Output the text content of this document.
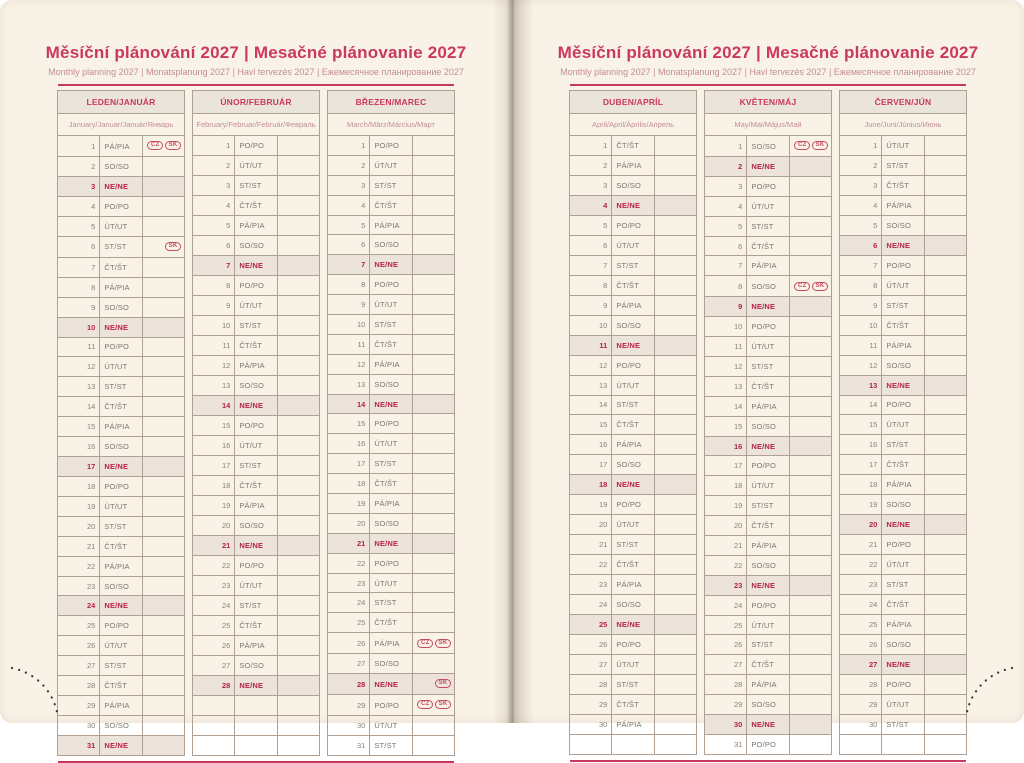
Měsíční plánování 2027 | Mesačné plánovanie 2027
Monthly planning 2027 | Monatsplanung 2027 | Havi tervezés 2027 | Ежемесячное планирование 2027
LEDEN/JANUÁR		
January/Januar/Január/Январь		
1	PÁ/PIA	CZ SK
2	SO/SO	
3	NE/NE	
4	PO/PO	
5	ÚT/UT	
6	ST/ST	SK
7	ČT/ŠT	
8	PÁ/PIA	
9	SO/SO	
10	NE/NE	
11	PO/PO	
12	ÚT/UT	
13	ST/ST	
14	ČT/ŠT	
15	PÁ/PIA	
16	SO/SO	
17	NE/NE	
18	PO/PO	
19	ÚT/UT	
20	ST/ST	
21	ČT/ŠT	
22	PÁ/PIA	
23	SO/SO	
24	NE/NE	
25	PO/PO	
26	ÚT/UT	
27	ST/ST	
28	ČT/ŠT	
29	PÁ/PIA	
30	SO/SO	
31	NE/NE	
ÚNOR/FEBRUÁR		
February/Februar/Február/Февраль		
1	PO/PO	
2	ÚT/UT	
3	ST/ST	
4	ČT/ŠT	
5	PÁ/PIA	
6	SO/SO	
7	NE/NE	
8	PO/PO	
9	ÚT/UT	
10	ST/ST	
11	ČT/ŠT	
12	PÁ/PIA	
13	SO/SO	
14	NE/NE	
15	PO/PO	
16	ÚT/UT	
17	ST/ST	
18	ČT/ŠT	
19	PÁ/PIA	
20	SO/SO	
21	NE/NE	
22	PO/PO	
23	ÚT/UT	
24	ST/ST	
25	ČT/ŠT	
26	PÁ/PIA	
27	SO/SO	
28	NE/NE	

BŘEZEN/MAREC		
March/März/Március/Март		
1	PO/PO	
2	ÚT/UT	
3	ST/ST	
4	ČT/ŠT	
5	PÁ/PIA	
6	SO/SO	
7	NE/NE	
8	PO/PO	
9	ÚT/UT	
10	ST/ST	
11	ČT/ŠT	
12	PÁ/PIA	
13	SO/SO	
14	NE/NE	
15	PO/PO	
16	ÚT/UT	
17	ST/ST	
18	ČT/ŠT	
19	PÁ/PIA	
20	SO/SO	
21	NE/NE	
22	PO/PO	
23	ÚT/UT	
24	ST/ST	
25	ČT/ŠT	
26	PÁ/PIA	CZ SK
27	SO/SO	
28	NE/NE	SK
29	PO/PO	CZ SK
30	ÚT/UT	
31	ST/ST	
Měsíční plánování 2027 | Mesačné plánovanie 2027
Monthly planning 2027 | Monatsplanung 2027 | Havi tervezés 2027 | Ежемесячное планирование 2027
DUBEN/APRÍL		
April/April/Április/Апрель		
1	ČT/ŠT	
2	PÁ/PIA	
3	SO/SO	
4	NE/NE	
5	PO/PO	
6	ÚT/UT	
7	ST/ST	
8	ČT/ŠT	
9	PÁ/PIA	
10	SO/SO	
11	NE/NE	
12	PO/PO	
13	ÚT/UT	
14	ST/ST	
15	ČT/ŠT	
16	PÁ/PIA	
17	SO/SO	
18	NE/NE	
19	PO/PO	
20	ÚT/UT	
21	ST/ST	
22	ČT/ŠT	
23	PÁ/PIA	
24	SO/SO	
25	NE/NE	
26	PO/PO	
27	ÚT/UT	
28	ST/ST	
29	ČT/ŠT	
30	PÁ/PIA	

KVĚTEN/MÁJ		
May/Mai/Május/Май		
1	SO/SO	CZ SK
2	NE/NE	
3	PO/PO	
4	ÚT/UT	
5	ST/ST	
6	ČT/ŠT	
7	PÁ/PIA	
8	SO/SO	CZ SK
9	NE/NE	
10	PO/PO	
11	ÚT/UT	
12	ST/ST	
13	ČT/ŠT	
14	PÁ/PIA	
15	SO/SO	
16	NE/NE	
17	PO/PO	
18	ÚT/UT	
19	ST/ST	
20	ČT/ŠT	
21	PÁ/PIA	
22	SO/SO	
23	NE/NE	
24	PO/PO	
25	ÚT/UT	
26	ST/ST	
27	ČT/ŠT	
28	PÁ/PIA	
29	SO/SO	
30	NE/NE	
31	PO/PO	
ČERVEN/JÚN		
June/Juni/Június/Июнь		
1	ÚT/UT	
2	ST/ST	
3	ČT/ŠT	
4	PÁ/PIA	
5	SO/SO	
6	NE/NE	
7	PO/PO	
8	ÚT/UT	
9	ST/ST	
10	ČT/ŠT	
11	PÁ/PIA	
12	SO/SO	
13	NE/NE	
14	PO/PO	
15	ÚT/UT	
16	ST/ST	
17	ČT/ŠT	
18	PÁ/PIA	
19	SO/SO	
20	NE/NE	
21	PO/PO	
22	ÚT/UT	
23	ST/ST	
24	ČT/ŠT	
25	PÁ/PIA	
26	SO/SO	
27	NE/NE	
28	PO/PO	
29	ÚT/UT	
30	ST/ST	
